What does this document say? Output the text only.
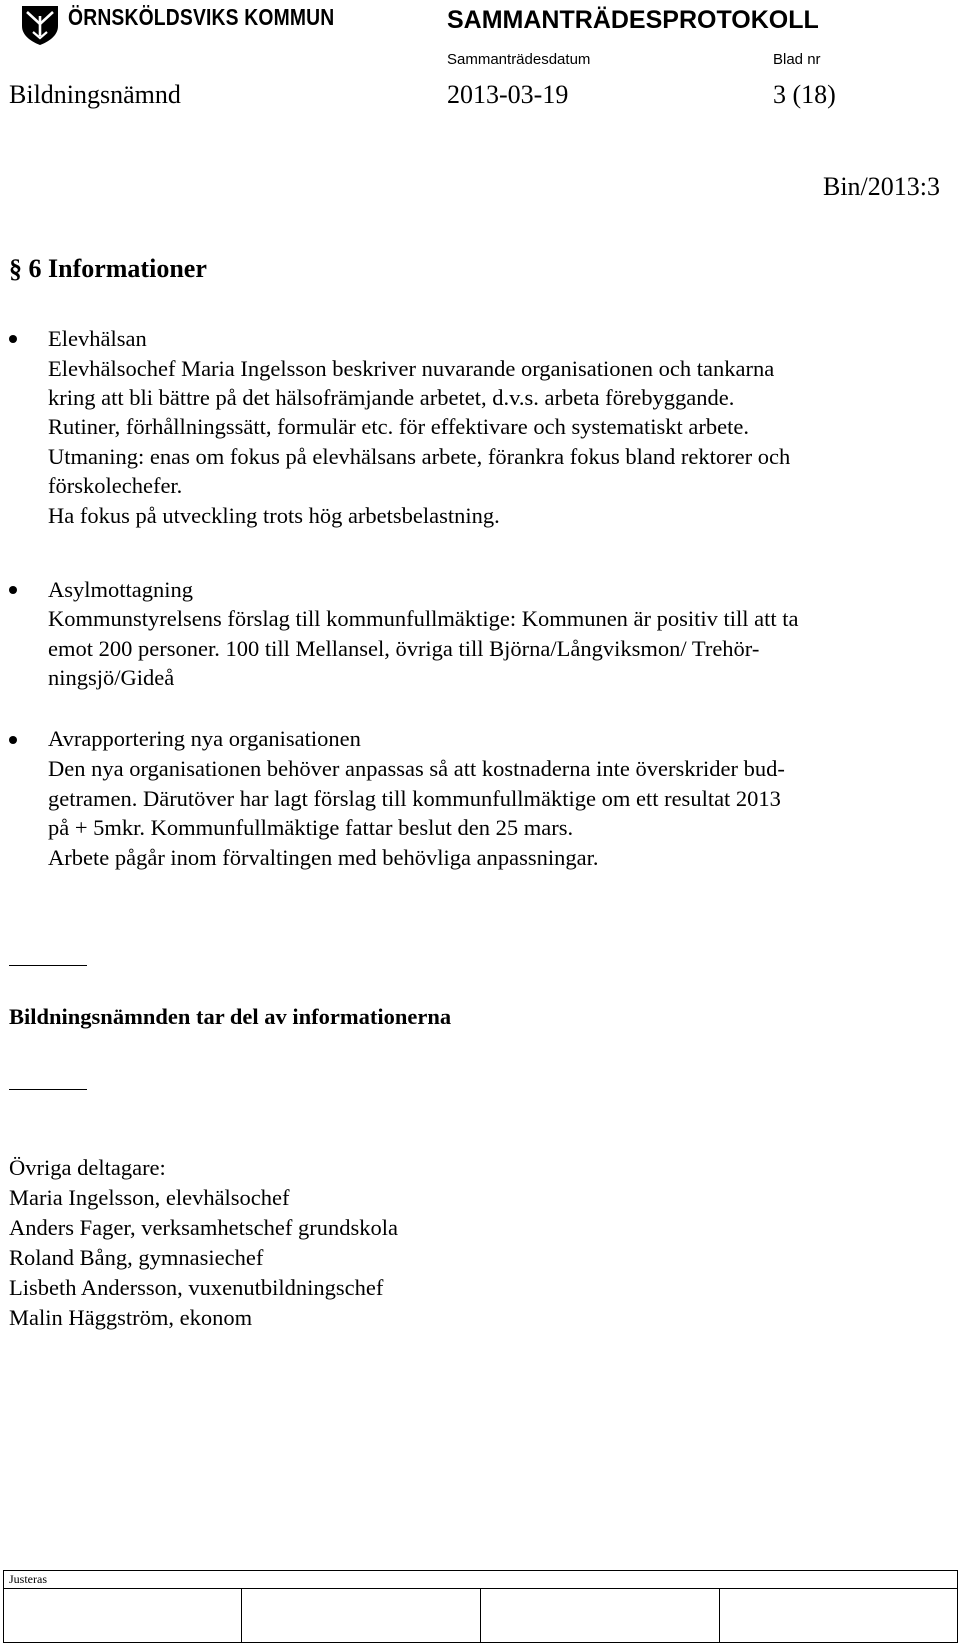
ÖRNSKÖLDSVIKS KOMMUN	SAMMANTRÄDESPROTOKOLL
Sammanträdesdatum	Blad nr
Bildningsnämnd	2013-03-19	3 (18)
Bin/2013:3
§ 6 Informationer
Elevhälsan
Elevhälsochef Maria Ingelsson beskriver nuvarande organisationen och tankarna
kring att bli bättre på det hälsofrämjande arbetet, d.v.s. arbeta förebyggande.
Rutiner, förhållningssätt, formulär etc. för effektivare och systematiskt arbete.
Utmaning: enas om fokus på elevhälsans arbete, förankra fokus bland rektorer och
förskolechefer.
Ha fokus på utveckling trots hög arbetsbelastning.
Asylmottagning
Kommunstyrelsens förslag till kommunfullmäktige: Kommunen är positiv till att ta
emot 200 personer. 100 till Mellansel, övriga till Björna/Långviksmon/ Trehör-
ningsjö/Gideå
Avrapportering nya organisationen
Den nya organisationen behöver anpassas så att kostnaderna inte överskrider bud-
getramen. Därutöver har lagt förslag till kommunfullmäktige om ett resultat 2013
på + 5mkr. Kommunfullmäktige fattar beslut den 25 mars.
Arbete pågår inom förvaltingen med behövliga anpassningar.
Bildningsnämnden tar del av informationerna
Övriga deltagare:
Maria Ingelsson, elevhälsochef
Anders Fager, verksamhetschef grundskola
Roland Bång, gymnasiechef
Lisbeth Andersson, vuxenutbildningschef
Malin Häggström, ekonom
Justeras
